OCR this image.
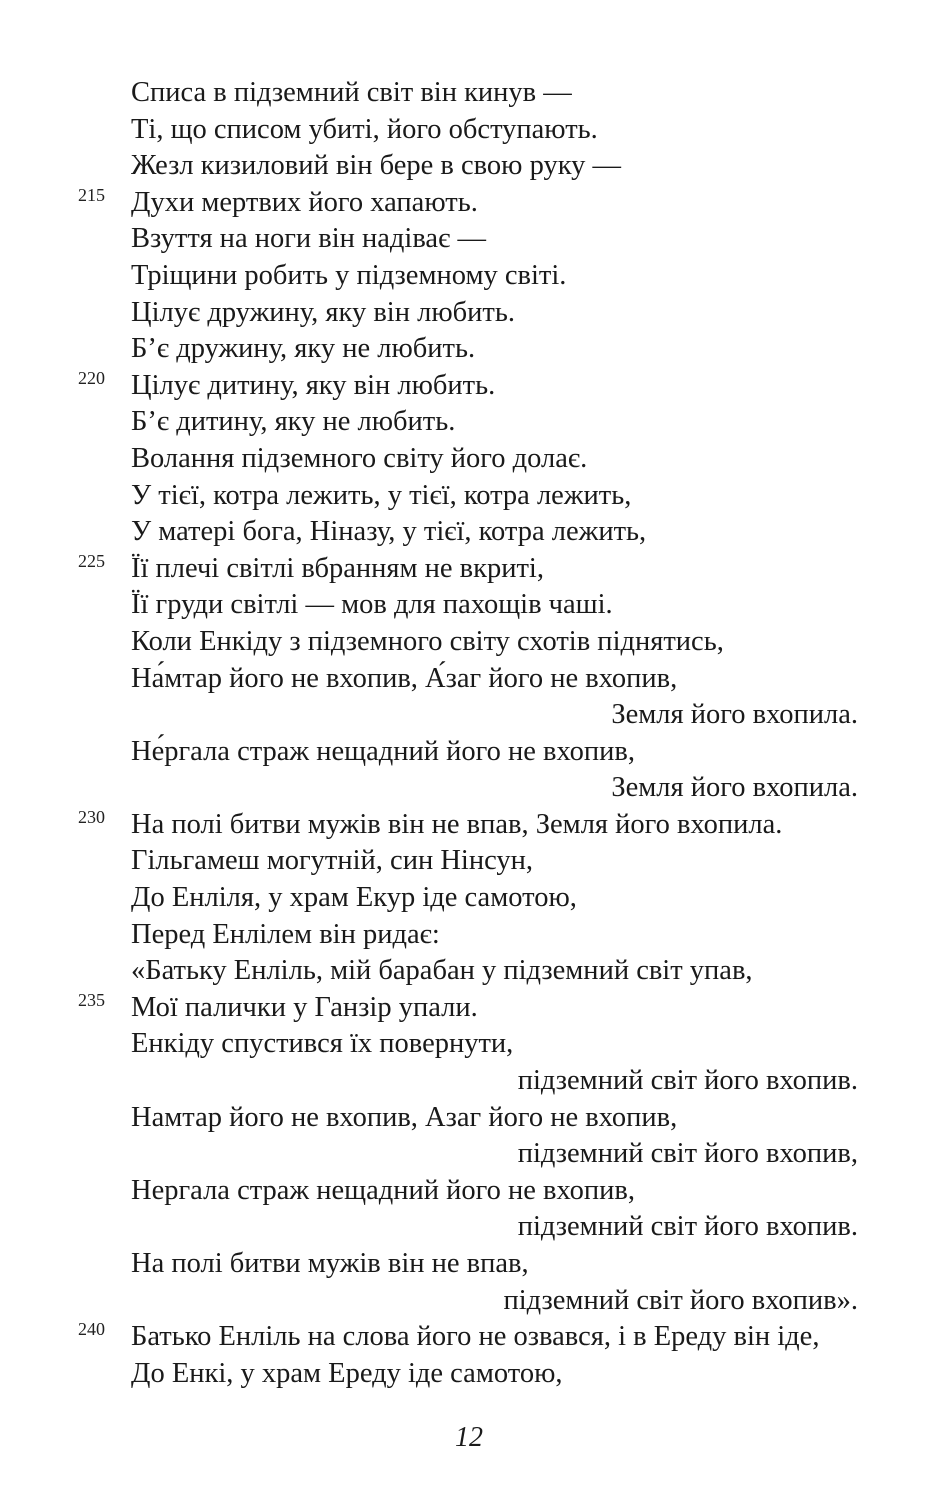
Списа в підземний світ він кинув —
Ті, що списом убиті, його обступають.
Жезл кизиловий він бере в свою руку —
215 Духи мертвих його хапають.
Взуття на ноги він надіває —
Тріщини робить у підземному світі.
Цілує дружину, яку він любить.
Б’є дружину, яку не любить.
220 Цілує дитину, яку він любить.
Б’є дитину, яку не любить.
Волання підземного світу його долає.
У тієї, котра лежить, у тієї, котра лежить,
У матері бога, Ніназу, у тієї, котра лежить,
225 Її плечі світлі вбранням не вкриті,
Її груди світлі — мов для пахощів чаші.
Коли Енкіду з підземного світу схотів піднятись,
На́мтар його не вхопив, А́заг його не вхопив,
Земля його вхопила.
Не́ргала страж нещадний його не вхопив,
Земля його вхопила.
230 На полі битви мужів він не впав, Земля його вхопила.
Гільгамеш могутній, син Нінсун,
До Енліля, у храм Екур іде самотою,
Перед Енлілем він ридає:
«Батьку Енліль, мій барабан у підземний світ упав,
235 Мої палички у Ганзір упали.
Енкіду спустився їх повернути,
підземний світ його вхопив.
Намтар його не вхопив, Азаг його не вхопив,
підземний світ його вхопив,
Нергала страж нещадний його не вхопив,
підземний світ його вхопив.
На полі битви мужів він не впав,
підземний світ його вхопив».
240 Батько Енліль на слова його не озвався, і в Ереду він іде,
До Енкі, у храм Ереду іде самотою,
12
